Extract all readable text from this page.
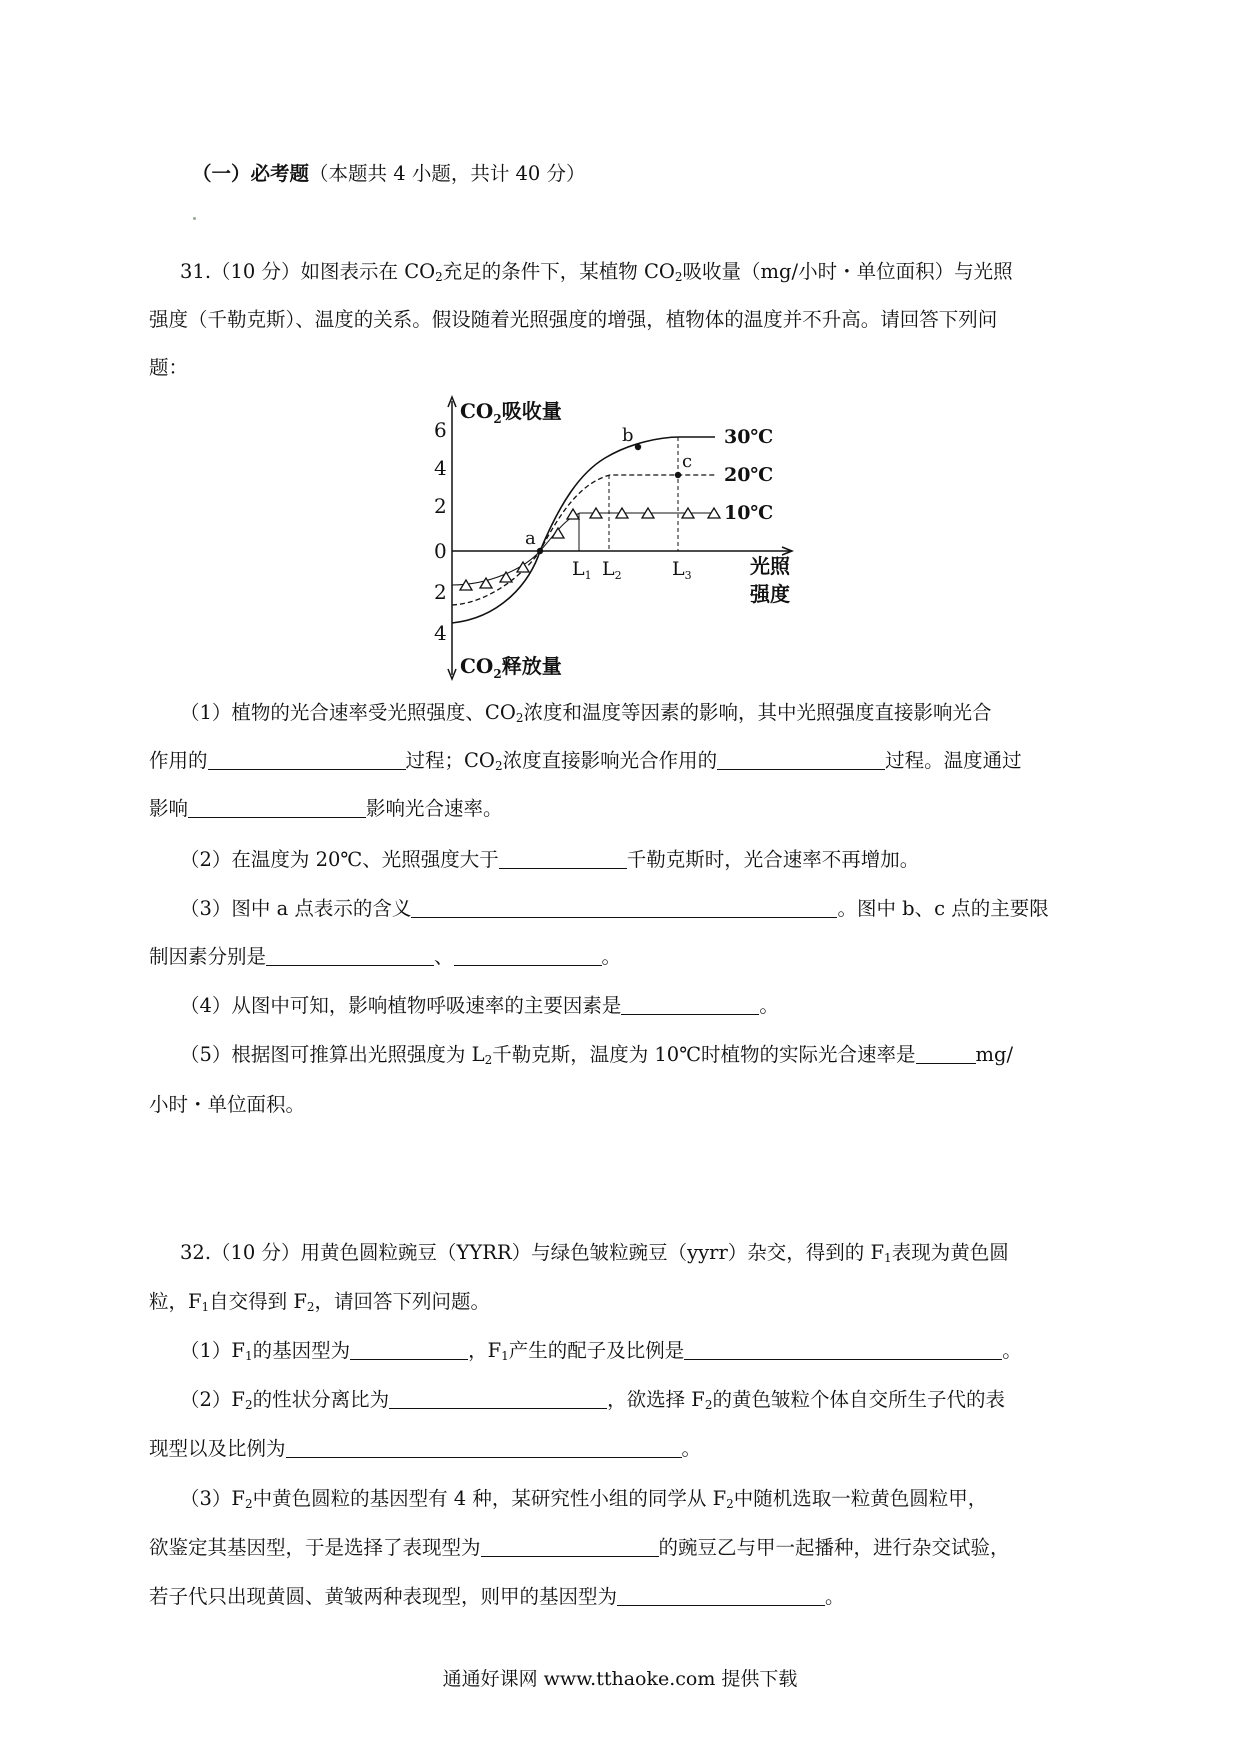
（一）必考题（本题共 4 小题，共计 40 分）
31.（10 分）如图表示在 $CO_2$充足的条件下，某植物 $CO_2$吸收量（mg/小时・单位面积）与光照
强度（千勒克斯）、温度的关系。假设随着光照强度的增强，植物体的温度并不升高。请回答下列问
题：
$CO_2$吸收量
$CO_2$释放量
光照
强度
6
4
2
0
2
4
$L_1$ $L_2$	$L_3$
a
b
c
30℃
20℃
10℃
（1）植物的光合速率受光照强度、$CO_2$浓度和温度等因素的影响，其中光照强度直接影响光合
作用的	过程；$CO_2$浓度直接影响光合作用的	过程。温度通过
影响	影响光合速率。
（2）在温度为 20℃、光照强度大于	千勒克斯时，光合速率不再增加。
（3）图中 a 点表示的含义	。图中 b、c 点的主要限
制因素分别是	、	。
（4）从图中可知，影响植物呼吸速率的主要因素是	。
（5）根据图可推算出光照强度为 $L_2$千勒克斯，温度为 10℃时植物的实际光合速率是	mg/
小时・单位面积。
32.（10 分）用黄色圆粒豌豆（YYRR）与绿色皱粒豌豆（yyrr）杂交，得到的 $F_1$表现为黄色圆
粒，$F_1$自交得到 $F_2$，请回答下列问题。
$(1)F_1$的基因型为	，$F_1$产生的配子及比例是	。
$(2)F_2$的性状分离比为	，欲选择 $F_2$的黄色皱粒个体自交所生子代的表
现型以及比例为	。
$(3)F_2$中黄色圆粒的基因型有 4 种，某研究性小组的同学从 $F_2$中随机选取一粒黄色圆粒甲，
欲鉴定其基因型，于是选择了表现型为	的豌豆乙与甲一起播种，进行杂交试验，
若子代只出现黄圆、黄皱两种表现型，则甲的基因型为	。
通通好课网 www.tthaoke.com 提供下载
